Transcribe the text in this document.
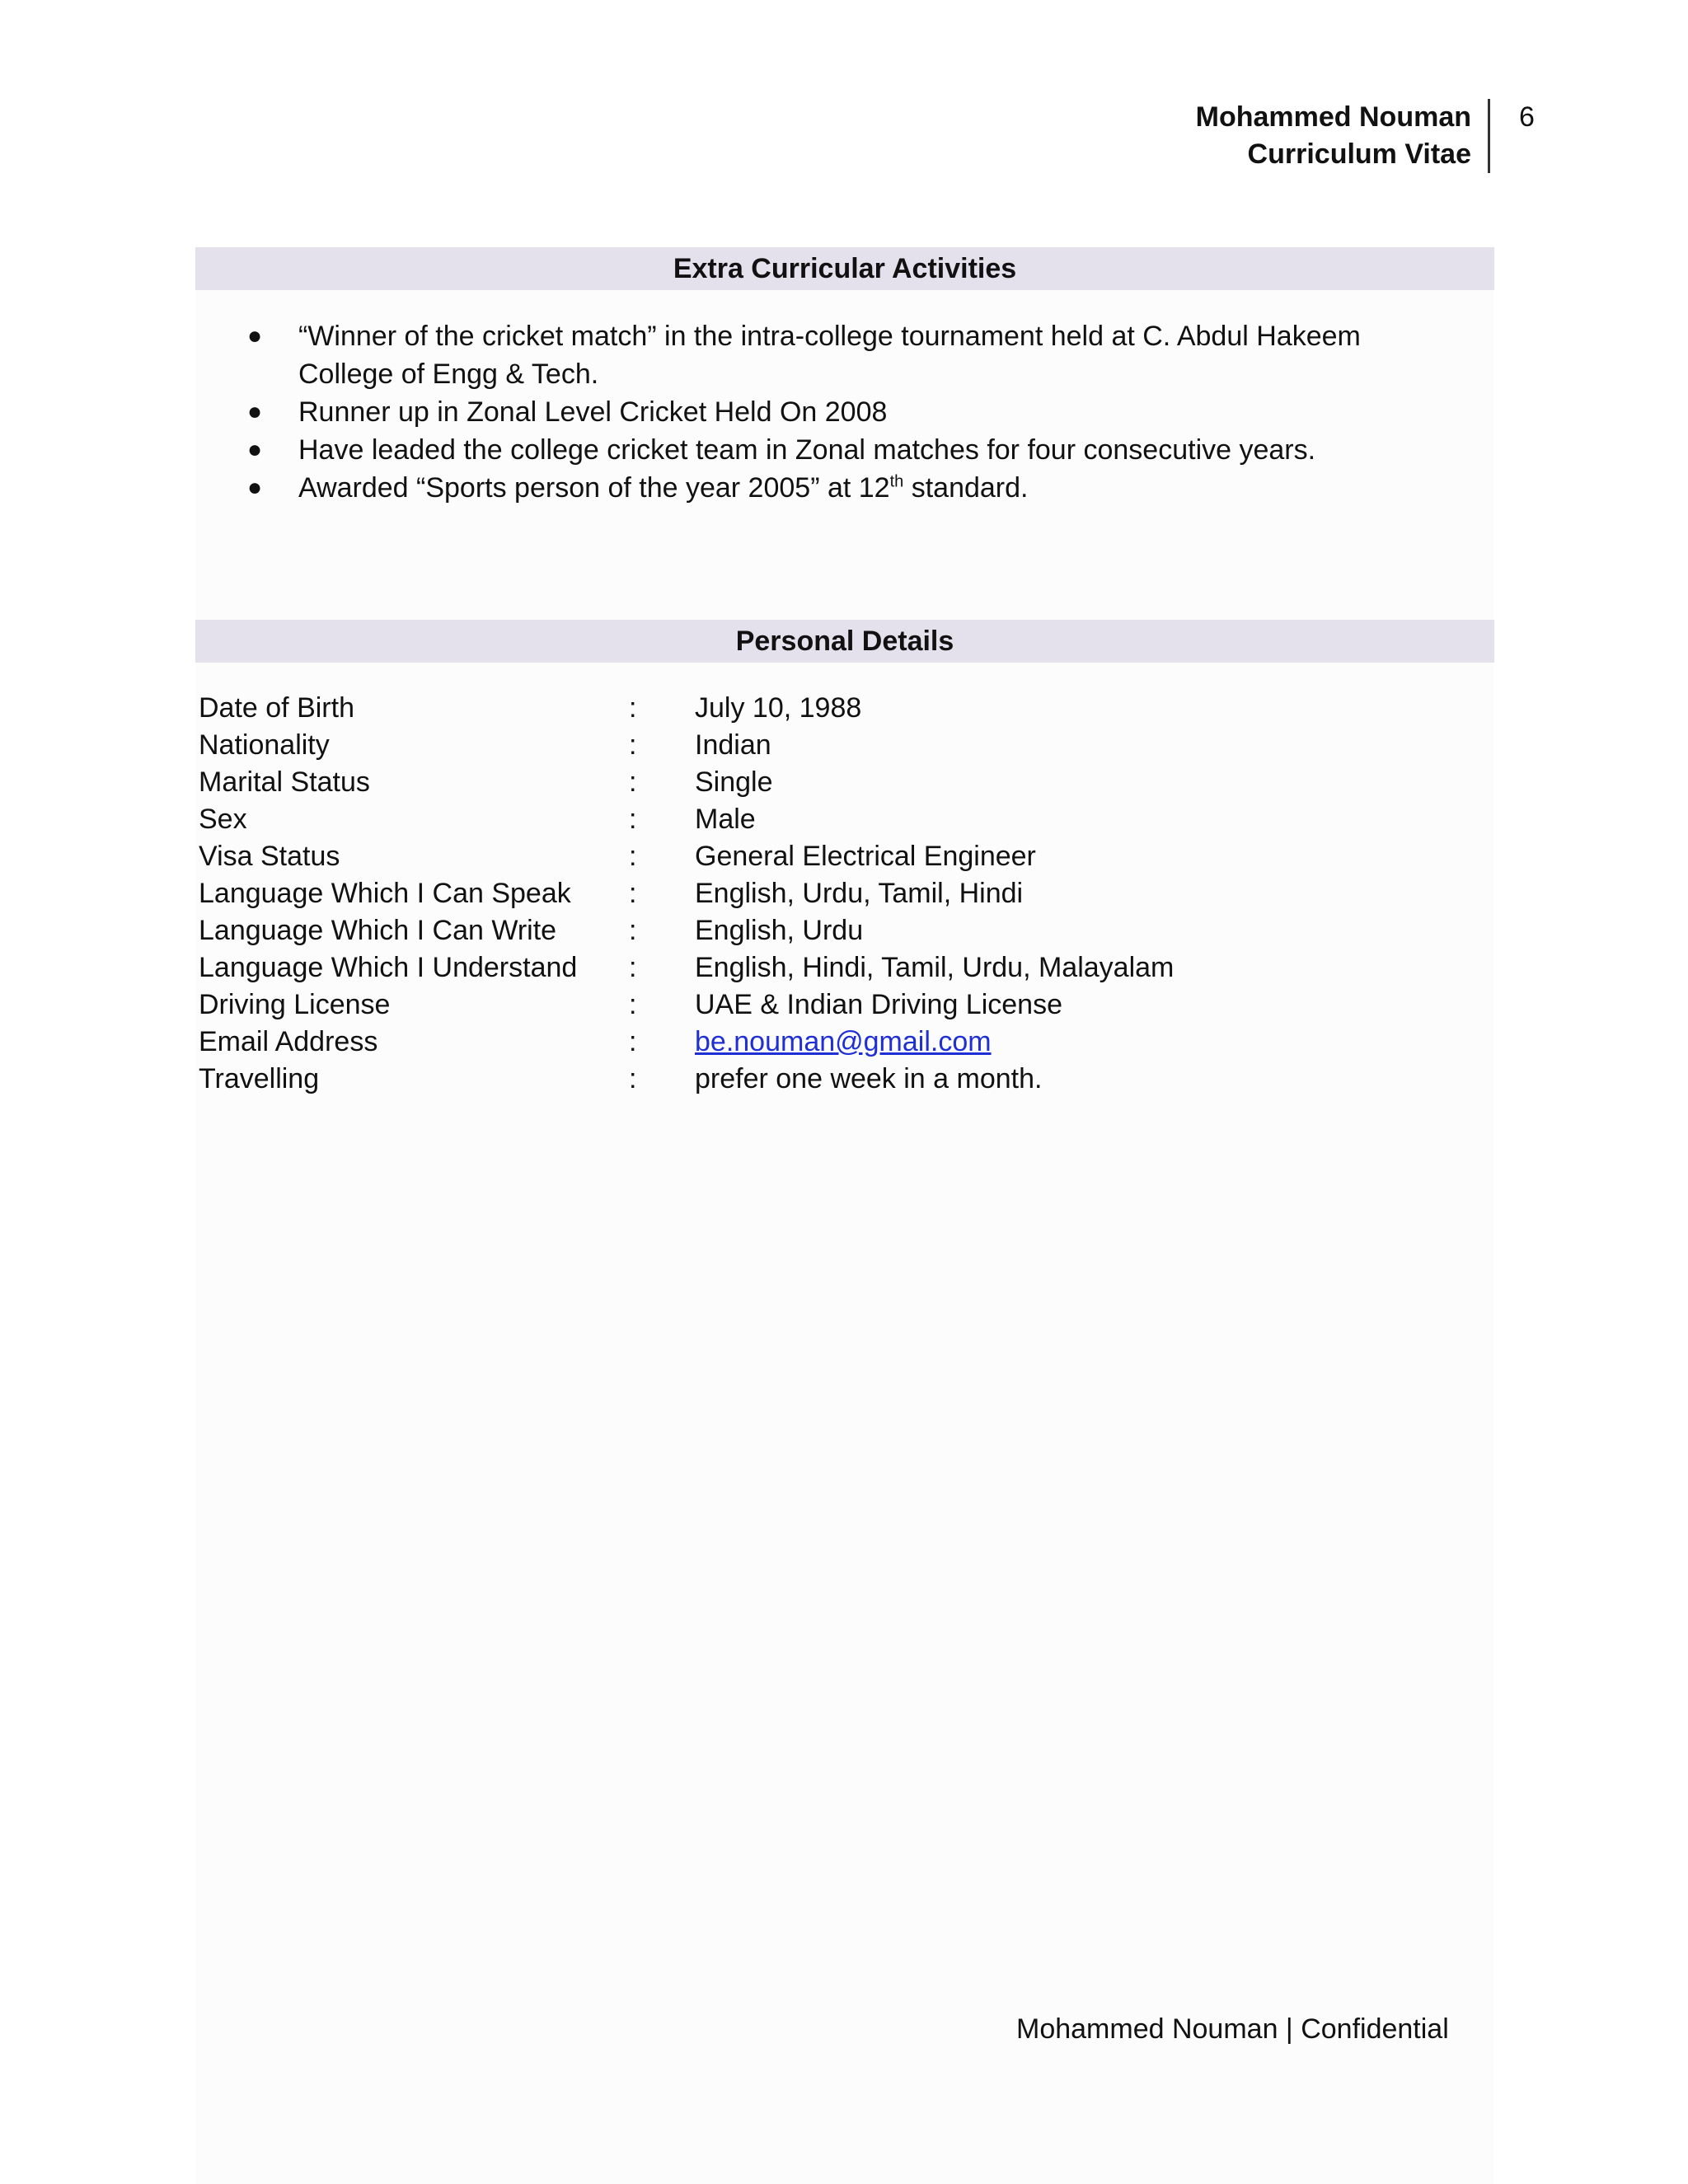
Mohammed Nouman
Curriculum Vitae
6
Extra Curricular Activities
● “Winner of the cricket match” in the intra-college tournament held at C. Abdul Hakeem College of Engg & Tech.
● Runner up in Zonal Level Cricket Held On 2008
● Have leaded the college cricket team in Zonal matches for four consecutive years.
● Awarded “Sports person of the year 2005” at 12th standard.
Personal Details
Date of Birth	:	July 10, 1988
Nationality	:	Indian
Marital Status	:	Single
Sex	:	Male
Visa Status	:	General Electrical Engineer
Language Which I Can Speak	:	English, Urdu, Tamil, Hindi
Language Which I Can Write	:	English, Urdu
Language Which I Understand	:	English, Hindi, Tamil, Urdu, Malayalam
Driving License	:	UAE & Indian Driving License
Email Address	:	be.nouman@gmail.com
Travelling	:	prefer one week in a month.
Mohammed Nouman | Confidential
